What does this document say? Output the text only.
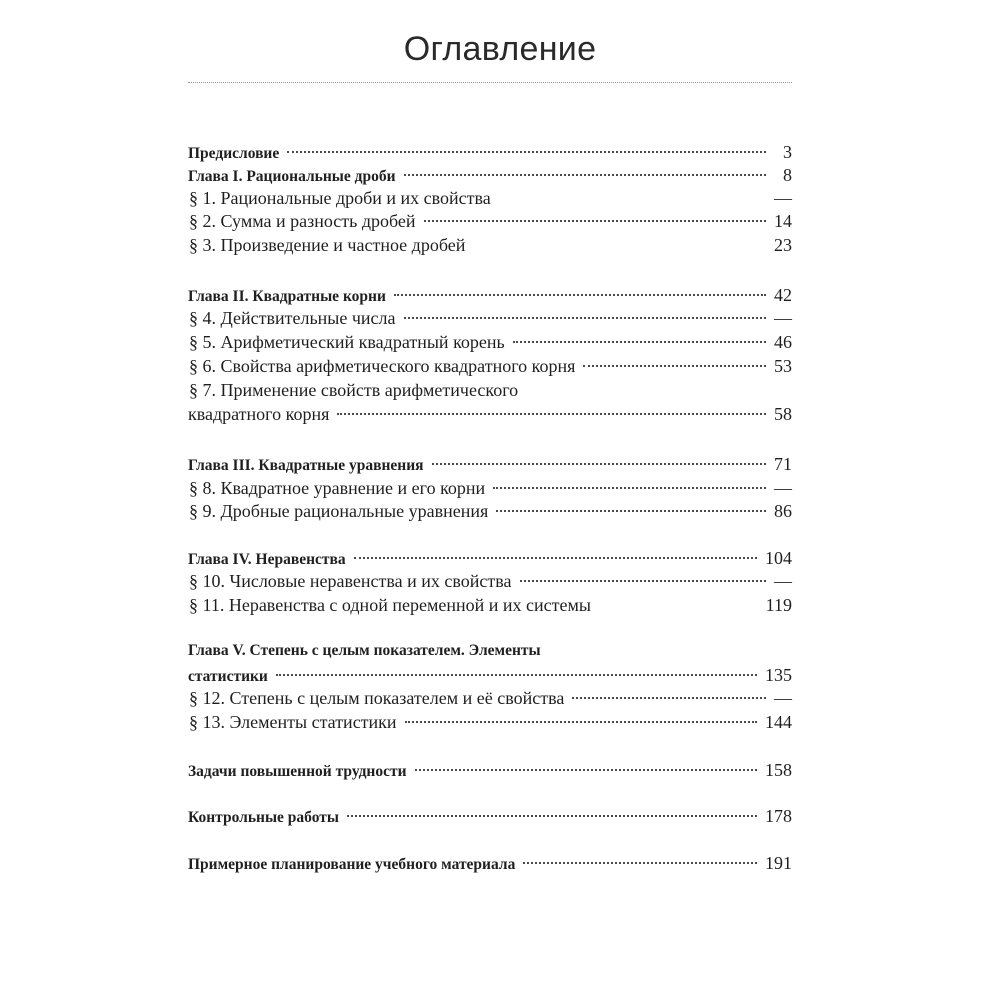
Оглавление
Предисловие	3
Глава I. Рациональные дроби	8
§ 1. Рациональные дроби и их свойства	—
§ 2. Сумма и разность дробей	14
§ 3. Произведение и частное дробей	23
Глава II. Квадратные корни	42
§ 4. Действительные числа	—
§ 5. Арифметический квадратный корень	46
§ 6. Свойства арифметического квадратного корня	53
§ 7. Применение свойств арифметического
квадратного корня	58
Глава III. Квадратные уравнения	71
§ 8. Квадратное уравнение и его корни	—
§ 9. Дробные рациональные уравнения	86
Глава IV. Неравенства	104
§ 10. Числовые неравенства и их свойства	—
§ 11. Неравенства с одной переменной и их системы	119
Глава V. Степень с целым показателем. Элементы
статистики	135
§ 12. Степень с целым показателем и её свойства	—
§ 13. Элементы статистики	144
Задачи повышенной трудности	158
Контрольные работы	178
Примерное планирование учебного материала	191
